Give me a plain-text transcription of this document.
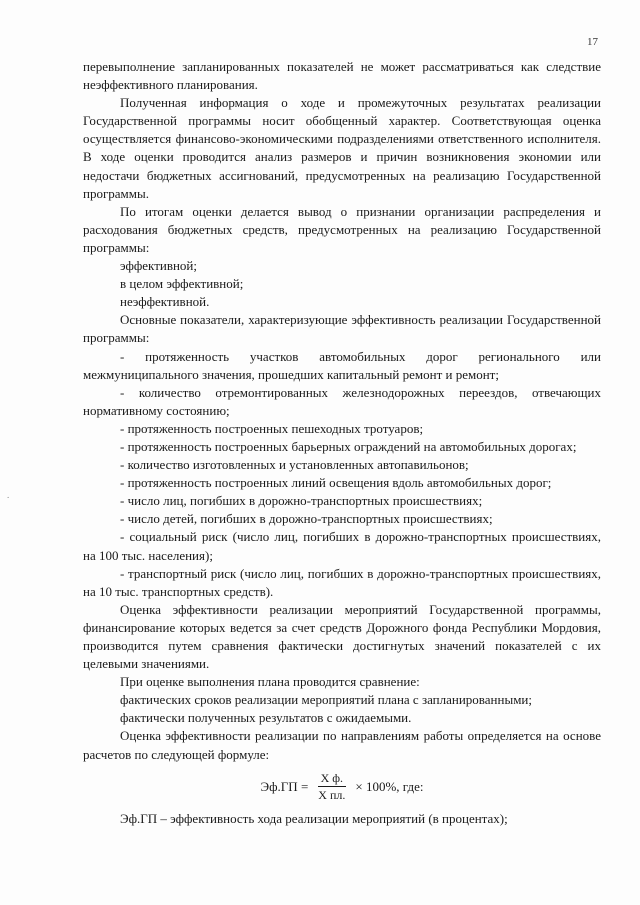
17
.

перевыполнение запланированных показателей не может рассматриваться как следствие неэффективного планирования.

Полученная информация о ходе и промежуточных результатах реализации Государственной программы носит обобщенный характер. Соответствующая оценка осуществляется финансово-экономическими подразделениями ответственного исполнителя. В ходе оценки проводится анализ размеров и причин возникновения экономии или недостачи бюджетных ассигнований, предусмотренных на реализацию Государственной программы.

По итогам оценки делается вывод о признании организации распределения и расходования бюджетных средств, предусмотренных на реализацию Государственной программы:

эффективной;

в целом эффективной;

неэффективной.

Основные показатели, характеризующие эффективность реализации Государственной программы:

- протяженность участков автомобильных дорог регионального или межмуниципального значения, прошедших капитальный ремонт и ремонт;

- количество отремонтированных железнодорожных переездов, отвечающих нормативному состоянию;

- протяженность построенных пешеходных тротуаров;

- протяженность построенных барьерных ограждений на автомобильных дорогах;

- количество изготовленных и установленных автопавильонов;

- протяженность построенных линий освещения вдоль автомобильных дорог;

- число лиц, погибших в дорожно-транспортных происшествиях;

- число детей, погибших в дорожно-транспортных происшествиях;

- социальный риск (число лиц, погибших в дорожно-транспортных происшествиях, на 100 тыс. населения);

- транспортный риск (число лиц, погибших в дорожно-транспортных происшествиях, на 10 тыс. транспортных средств).

Оценка эффективности реализации мероприятий Государственной программы, финансирование которых ведется за счет средств Дорожного фонда Республики Мордовия, производится путем сравнения фактически достигнутых значений показателей с их целевыми значениями.

При оценке выполнения плана проводится сравнение:

фактических сроков реализации мероприятий плана с запланированными;

фактически полученных результатов с ожидаемыми.

Оценка эффективности реализации по направлениям работы определяется на основе расчетов по следующей формуле:

$Эф.ГП = \frac{\text{X ф.}}{\text{X пл.}} \times 100\%$, где:

Эф.ГП – эффективность хода реализации мероприятий (в процентах);
